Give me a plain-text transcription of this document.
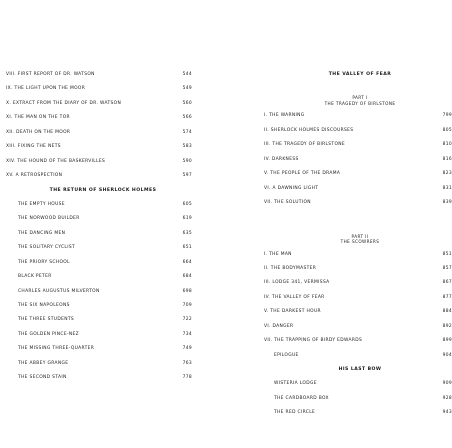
VIII. FIRST REPORT OF DR. WATSON	544
IX. THE LIGHT UPON THE MOOR	549
X. EXTRACT FROM THE DIARY OF DR. WATSON	560
XI. THE MAN ON THE TOR	566
XII. DEATH ON THE MOOR	574
XIII. FIXING THE NETS	583
XIV. THE HOUND OF THE BASKERVILLES	590
XV. A RETROSPECTION	597
THE RETURN OF SHERLOCK HOLMES
THE EMPTY HOUSE	605
THE NORWOOD BUILDER	619
THE DANCING MEN	635
THE SOLITARY CYCLIST	651
THE PRIORY SCHOOL	664
BLACK PETER	684
CHARLES AUGUSTUS MILVERTON	698
THE SIX NAPOLEONS	709
THE THREE STUDENTS	722
THE GOLDEN PINCE-NEZ	734
THE MISSING THREE-QUARTER	749
THE ABBEY GRANGE	763
THE SECOND STAIN	778
THE VALLEY OF FEAR
PART I
THE TRAGEDY OF BIRLSTONE
I. THE WARNING	799
II. SHERLOCK HOLMES DISCOURSES	805
III. THE TRAGEDY OF BIRLSTONE	810
IV. DARKNESS	816
V. THE PEOPLE OF THE DRAMA	823
VI. A DAWNING LIGHT	831
VII. THE SOLUTION	839
PART II
THE SCOWRERS
I. THE MAN	851
II. THE BODYMASTER	857
III. LODGE 341, VERMISSA	867
IV. THE VALLEY OF FEAR	877
V. THE DARKEST HOUR	884
VI. DANGER	892
VII. THE TRAPPING OF BIRDY EDWARDS	899
EPILOGUE	904
HIS LAST BOW
WISTERIA LODGE	909
THE CARDBOARD BOX	928
THE RED CIRCLE	943
